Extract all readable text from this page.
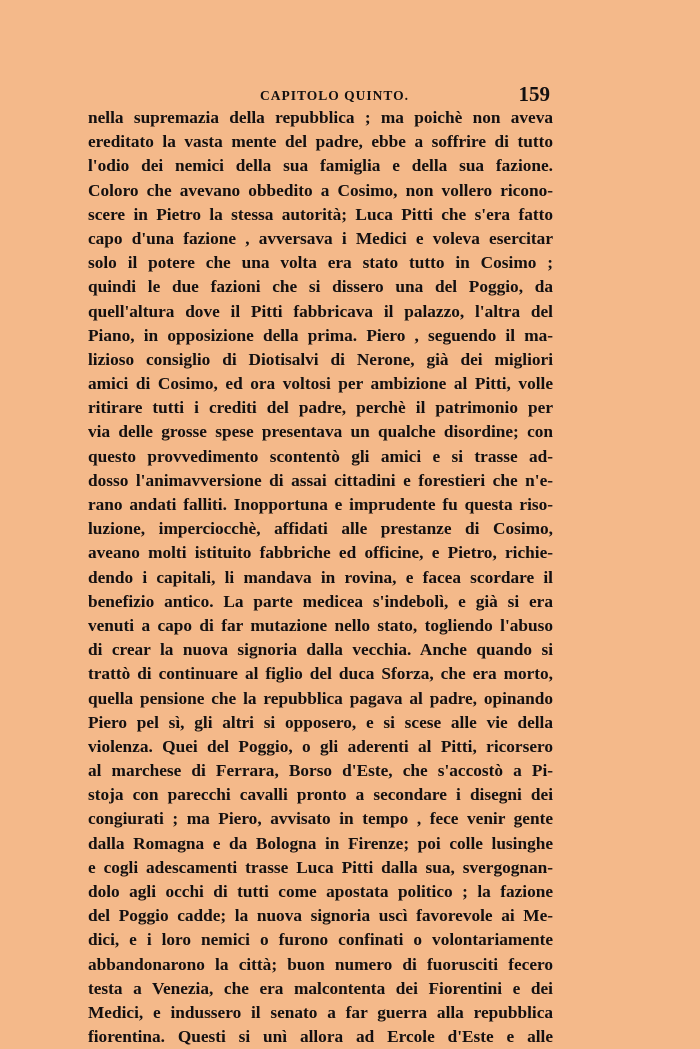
CAPITOLO QUINTO.	159
nella supremazia della repubblica ; ma poichè non aveva
ereditato la vasta mente del padre, ebbe a soffrire di tutto
l'odio dei nemici della sua famiglia e della sua fazione.
Coloro che avevano obbedito a Cosimo, non vollero ricono-
scere in Pietro la stessa autorità; Luca Pitti che s'era fatto
capo d'una fazione , avversava i Medici e voleva esercitar
solo il potere che una volta era stato tutto in Cosimo ;
quindi le due fazioni che si dissero una del Poggio, da
quell'altura dove il Pitti fabbricava il palazzo, l'altra del
Piano, in opposizione della prima. Piero , seguendo il ma-
lizioso consiglio di Diotisalvi di Nerone, già dei migliori
amici di Cosimo, ed ora voltosi per ambizione al Pitti, volle
ritirare tutti i crediti del padre, perchè il patrimonio per
via delle grosse spese presentava un qualche disordine; con
questo provvedimento scontentò gli amici e si trasse ad-
dosso l'animavversione di assai cittadini e forestieri che n'e-
rano andati falliti. Inopportuna e imprudente fu questa riso-
luzione, imperciocchè, affidati alle prestanze di Cosimo,
aveano molti istituito fabbriche ed officine, e Pietro, richie-
dendo i capitali, li mandava in rovina, e facea scordare il
benefizio antico. La parte medicea s'indebolì, e già si era
venuti a capo di far mutazione nello stato, togliendo l'abuso
di crear la nuova signoria dalla vecchia. Anche quando si
trattò di continuare al figlio del duca Sforza, che era morto,
quella pensione che la repubblica pagava al padre, opinando
Piero pel sì, gli altri si opposero, e si scese alle vie della
violenza. Quei del Poggio, o gli aderenti al Pitti, ricorsero
al marchese di Ferrara, Borso d'Este, che s'accostò a Pi-
stoja con parecchi cavalli pronto a secondare i disegni dei
congiurati ; ma Piero, avvisato in tempo , fece venir gente
dalla Romagna e da Bologna in Firenze; poi colle lusinghe
e cogli adescamenti trasse Luca Pitti dalla sua, svergognan-
dolo agli occhi di tutti come apostata politico ; la fazione
del Poggio cadde; la nuova signoria uscì favorevole ai Me-
dici, e i loro nemici o furono confinati o volontariamente
abbandonarono la città; buon numero di fuorusciti fecero
testa a Venezia, che era malcontenta dei Fiorentini e dei
Medici, e indussero il senato a far guerra alla repubblica
fiorentina. Questi si unì allora ad Ercole d'Este e alle
